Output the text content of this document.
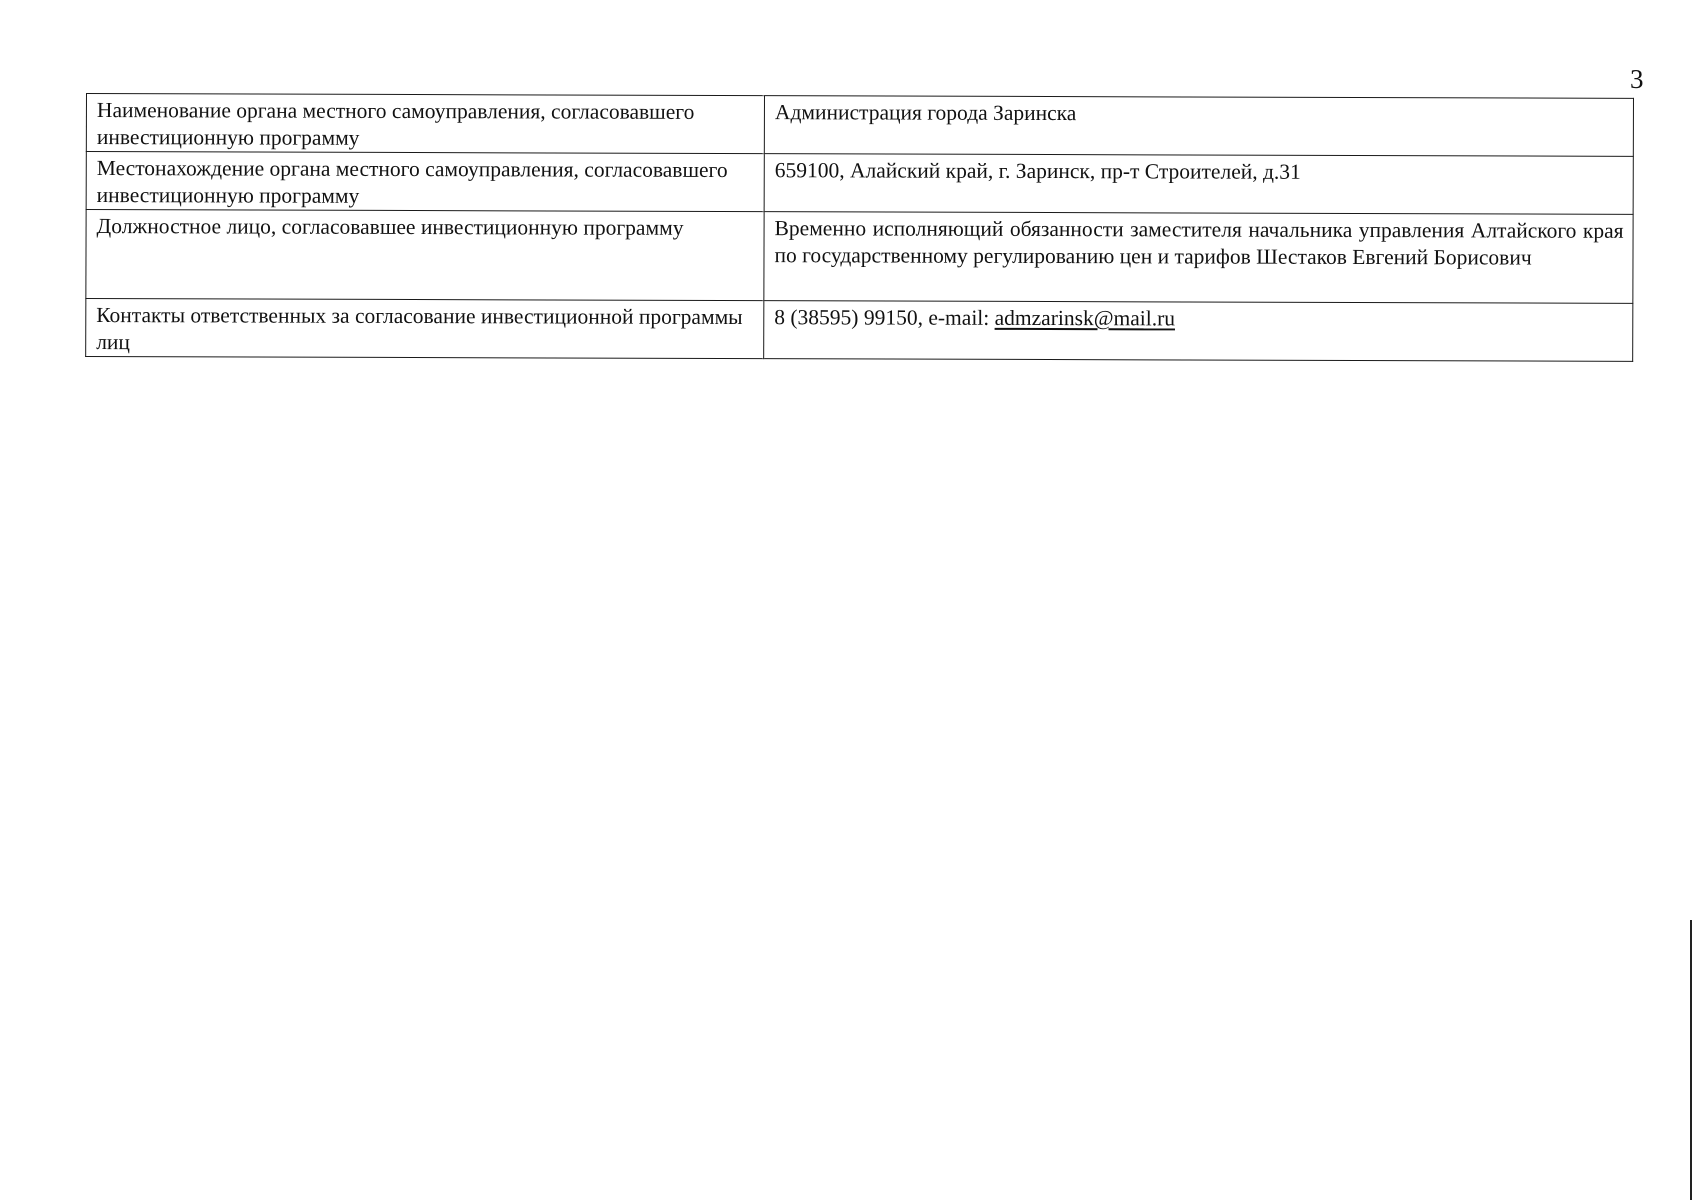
3
Наименование органа местного самоуправления, согласовавшего инвестиционную программу	Администрация города Заринска
Местонахождение органа местного самоуправления, согласовавшего инвестиционную программу	659100, Алайский край, г. Заринск, пр-т Строителей, д.31
Должностное лицо, согласовавшее инвестиционную программу	Временно исполняющий обязанности заместителя начальника управления Алтайского края по государственному регулированию цен и тарифов Шестаков Евгений Борисович
Контакты ответственных за согласование инвестиционной программы лиц	8 (38595) 99150, e-mail: admzarinsk@mail.ru
